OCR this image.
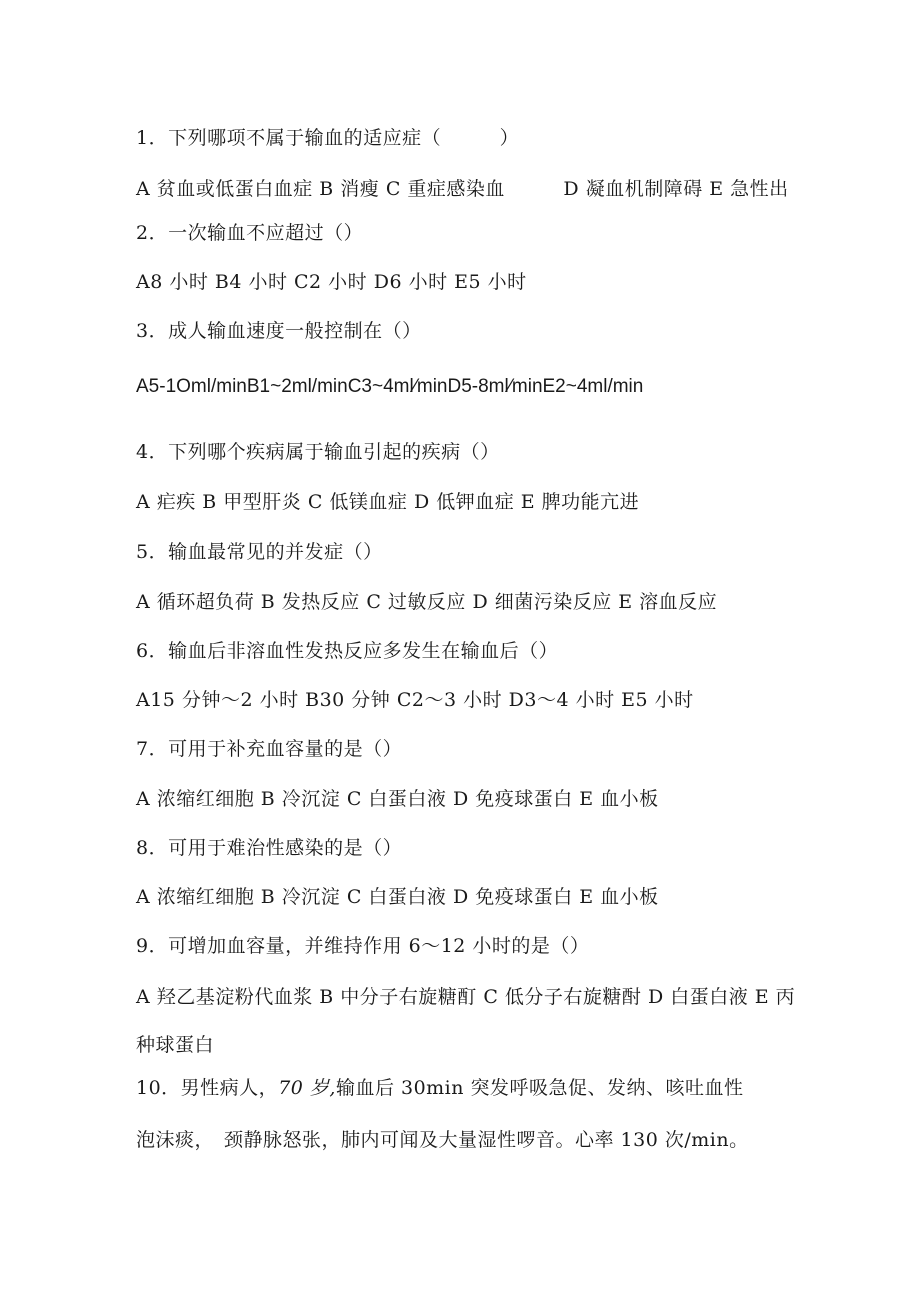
1．下列哪项不属于输血的适应症（　　　）
A 贫血或低蛋白血症 B 消瘦 C 重症感染血　　　D 凝血机制障碍 E 急性出
2．一次输血不应超过（）
A8 小时 B4 小时 C2 小时 D6 小时 E5 小时
3．成人输血速度一般控制在（）
A5-1Oml/minB1~2ml/minC3~4ml⁄minD5-8ml⁄minE2~4ml/min
4．下列哪个疾病属于输血引起的疾病（）
A 疟疾 B 甲型肝炎 C 低镁血症 D 低钾血症 E 脾功能亢进
5．输血最常见的并发症（）
A 循环超负荷 B 发热反应 C 过敏反应 D 细菌污染反应 E 溶血反应
6．输血后非溶血性发热反应多发生在输血后（）
A15 分钟～2 小时 B30 分钟 C2～3 小时 D3～4 小时 E5 小时
7．可用于补充血容量的是（）
A 浓缩红细胞 B 冷沉淀 C 白蛋白液 D 免疫球蛋白 E 血小板
8．可用于难治性感染的是（）
A 浓缩红细胞 B 冷沉淀 C 白蛋白液 D 免疫球蛋白 E 血小板
9．可增加血容量，并维持作用 6～12 小时的是（）
A 羟乙基淀粉代血浆 B 中分子右旋糖酊 C 低分子右旋糖酎 D 白蛋白液 E 丙
种球蛋白
10．男性病人，70 岁,输血后 30min 突发呼吸急促、发纳、咳吐血性
泡沫痰，　颈静脉怒张，肺内可闻及大量湿性啰音。心率 130 次/min。
